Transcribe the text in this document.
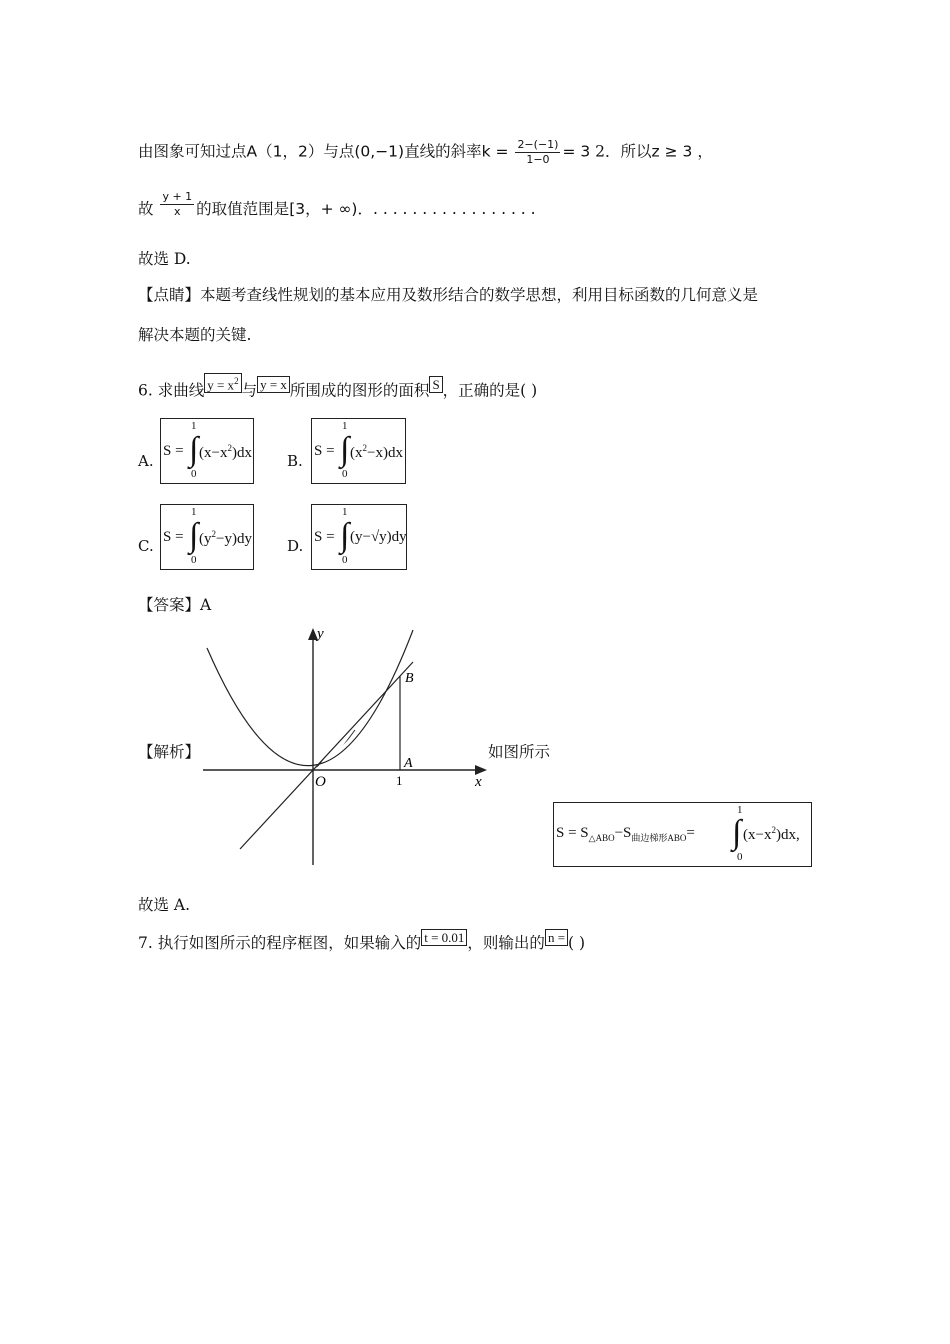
由图象可知过点A（1，2）与点(0,−1)直线的斜率$k = \frac{2-(-1)}{1-0} = 3$ 2．所以z ≥ 3 ，
故 $\frac{y + 1}{x}$ 的取值范围是[3，+ ∞)．. . . . . . . . . . . . . . . . .
故选 D.
【点睛】本题考查线性规划的基本应用及数形结合的数学思想，利用目标函数的几何意义是
解决本题的关键.
6. 求曲线 $y = x^2$与 y = x 所围成的图形的面积 S ，正确的是( )
A.
S = ∫
1
0
$(x-x^2)dx$ B.
S = ∫
1
0
$(x^2-x)dx$
C. S = ∫
1
0
$(y^2-y)dy$ D. S = ∫
1
0
(y−√y)dy
【答案】A
y
x
O
A
B
1
【解析】	如图所示
$S = S_{\triangle ABO}-S_{曲边梯形ABO}=$ ∫
1
0
$(x-x^2)dx$,
故选 A.
7. 执行如图所示的程序框图，如果输入的 t = 0.01 ，则输出的 n = ( )
